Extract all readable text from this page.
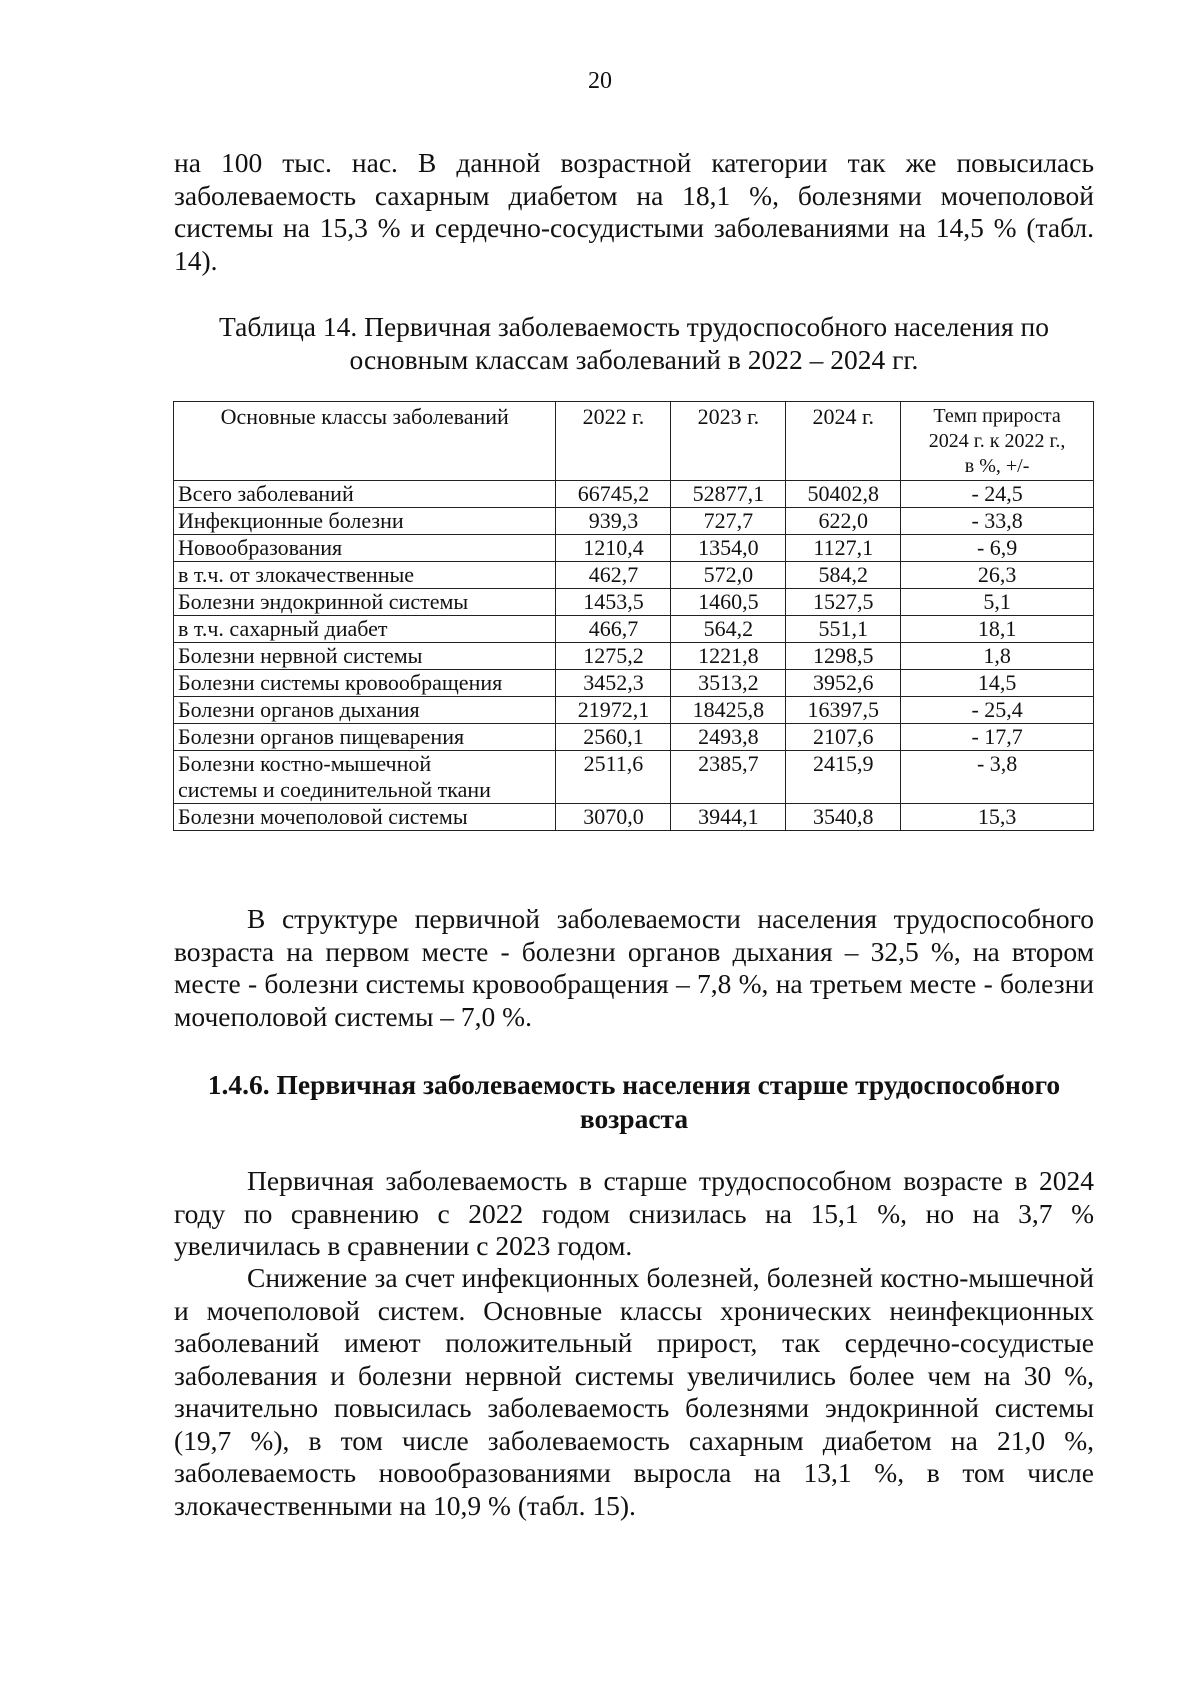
20

на 100 тыс. нас. В данной возрастной категории так же повысилась заболеваемость сахарным диабетом на 18,1 %, болезнями мочеполовой системы на 15,3 % и сердечно-сосудистыми заболеваниями на 14,5 % (табл. 14).

Таблица 14. Первичная заболеваемость трудоспособного населения по
основным классам заболеваний в 2022 – 2024 гг.
Основные классы заболеваний	2022 г.	2023 г.	2024 г.	Темп прироста
2024 г. к 2022 г.,
в %, +/-

Всего заболеваний	66745,2	52877,1	50402,8	- 24,5
Инфекционные болезни	939,3	727,7	622,0	- 33,8
Новообразования	1210,4	1354,0	1127,1	- 6,9
в т.ч. от злокачественные	462,7	572,0	584,2	26,3
Болезни эндокринной системы	1453,5	1460,5	1527,5	5,1
в т.ч. сахарный диабет	466,7	564,2	551,1	18,1
Болезни нервной системы	1275,2	1221,8	1298,5	1,8
Болезни системы кровообращения	3452,3	3513,2	3952,6	14,5
Болезни органов дыхания	21972,1	18425,8	16397,5	- 25,4
Болезни органов пищеварения	2560,1	2493,8	2107,6	- 17,7

Болезни костно-мышечной
системы и соединительной ткани	2511,6	2385,7	2415,9	- 3,8
Болезни мочеполовой системы	3070,0	3944,1	3540,8	15,3

В структуре первичной заболеваемости населения трудоспособного возраста на первом месте - болезни органов дыхания – 32,5 %, на втором месте - болезни системы кровообращения – 7,8 %, на третьем месте - болезни мочеполовой системы – 7,0 %.

1.4.6. Первичная заболеваемость населения старше трудоспособного
возраста

Первичная заболеваемость в старше трудоспособном возрасте в 2024 году по сравнению с 2022 годом снизилась на 15,1 %, но на 3,7 % увеличилась в сравнении с 2023 годом.

Снижение за счет инфекционных болезней, болезней костно-мышечной и мочеполовой систем. Основные классы хронических неинфекционных заболеваний имеют положительный прирост, так сердечно-сосудистые заболевания и болезни нервной системы увеличились более чем на 30 %, значительно повысилась заболеваемость болезнями эндокринной системы (19,7 %), в том числе заболеваемость сахарным диабетом на 21,0 %, заболеваемость новообразованиями выросла на 13,1 %, в том числе злокачественными на 10,9 % (табл. 15).
